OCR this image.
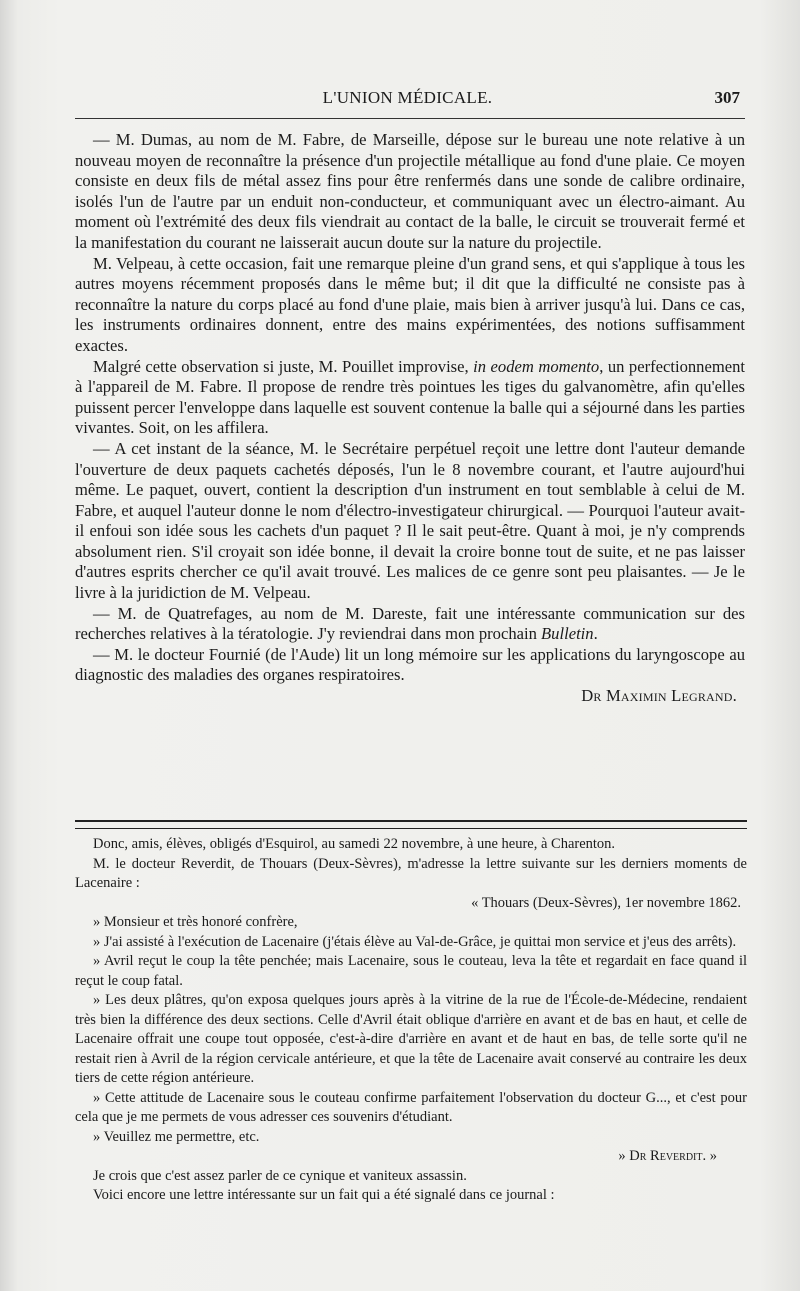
L'UNION MÉDICALE.	307

— M. Dumas, au nom de M. Fabre, de Marseille, dépose sur le bureau une note relative à un nouveau moyen de reconnaître la présence d'un projectile métallique au fond d'une plaie. Ce moyen consiste en deux fils de métal assez fins pour être renfermés dans une sonde de calibre ordinaire, isolés l'un de l'autre par un enduit non-conducteur, et communiquant avec un électro-aimant. Au moment où l'extrémité des deux fils viendrait au contact de la balle, le circuit se trouverait fermé et la manifestation du courant ne laisserait aucun doute sur la nature du projectile.

M. Velpeau, à cette occasion, fait une remarque pleine d'un grand sens, et qui s'applique à tous les autres moyens récemment proposés dans le même but; il dit que la difficulté ne consiste pas à reconnaître la nature du corps placé au fond d'une plaie, mais bien à arriver jusqu'à lui. Dans ce cas, les instruments ordinaires donnent, entre des mains expérimentées, des notions suffisamment exactes.

Malgré cette observation si juste, M. Pouillet improvise, in eodem momento, un perfectionnement à l'appareil de M. Fabre. Il propose de rendre très pointues les tiges du galvanomètre, afin qu'elles puissent percer l'enveloppe dans laquelle est souvent contenue la balle qui a séjourné dans les parties vivantes. Soit, on les affilera.

— A cet instant de la séance, M. le Secrétaire perpétuel reçoit une lettre dont l'auteur demande l'ouverture de deux paquets cachetés déposés, l'un le 8 novembre courant, et l'autre aujourd'hui même. Le paquet, ouvert, contient la description d'un instrument en tout semblable à celui de M. Fabre, et auquel l'auteur donne le nom d'électro-investigateur chirurgical. — Pourquoi l'auteur avait-il enfoui son idée sous les cachets d'un paquet ? Il le sait peut-être. Quant à moi, je n'y comprends absolument rien. S'il croyait son idée bonne, il devait la croire bonne tout de suite, et ne pas laisser d'autres esprits chercher ce qu'il avait trouvé. Les malices de ce genre sont peu plaisantes. — Je le livre à la juridiction de M. Velpeau.

— M. de Quatrefages, au nom de M. Dareste, fait une intéressante communication sur des recherches relatives à la tératologie. J'y reviendrai dans mon prochain Bulletin.

— M. le docteur Fournié (de l'Aude) lit un long mémoire sur les applications du laryngoscope au diagnostic des maladies des organes respiratoires.

Dr Maximin Legrand.

Donc, amis, élèves, obligés d'Esquirol, au samedi 22 novembre, à une heure, à Charenton.

M. le docteur Reverdit, de Thouars (Deux-Sèvres), m'adresse la lettre suivante sur les derniers moments de Lacenaire :

« Thouars (Deux-Sèvres), 1er novembre 1862.

» Monsieur et très honoré confrère,

» J'ai assisté à l'exécution de Lacenaire (j'étais élève au Val-de-Grâce, je quittai mon service et j'eus des arrêts).

» Avril reçut le coup la tête penchée; mais Lacenaire, sous le couteau, leva la tête et regardait en face quand il reçut le coup fatal.

» Les deux plâtres, qu'on exposa quelques jours après à la vitrine de la rue de l'École-de-Médecine, rendaient très bien la différence des deux sections. Celle d'Avril était oblique d'arrière en avant et de bas en haut, et celle de Lacenaire offrait une coupe tout opposée, c'est-à-dire d'arrière en avant et de haut en bas, de telle sorte qu'il ne restait rien à Avril de la région cervicale antérieure, et que la tête de Lacenaire avait conservé au contraire les deux tiers de cette région antérieure.

» Cette attitude de Lacenaire sous le couteau confirme parfaitement l'observation du docteur G..., et c'est pour cela que je me permets de vous adresser ces souvenirs d'étudiant.

» Veuillez me permettre, etc.

» Dr Reverdit. »

Je crois que c'est assez parler de ce cynique et vaniteux assassin.

Voici encore une lettre intéressante sur un fait qui a été signalé dans ce journal :
